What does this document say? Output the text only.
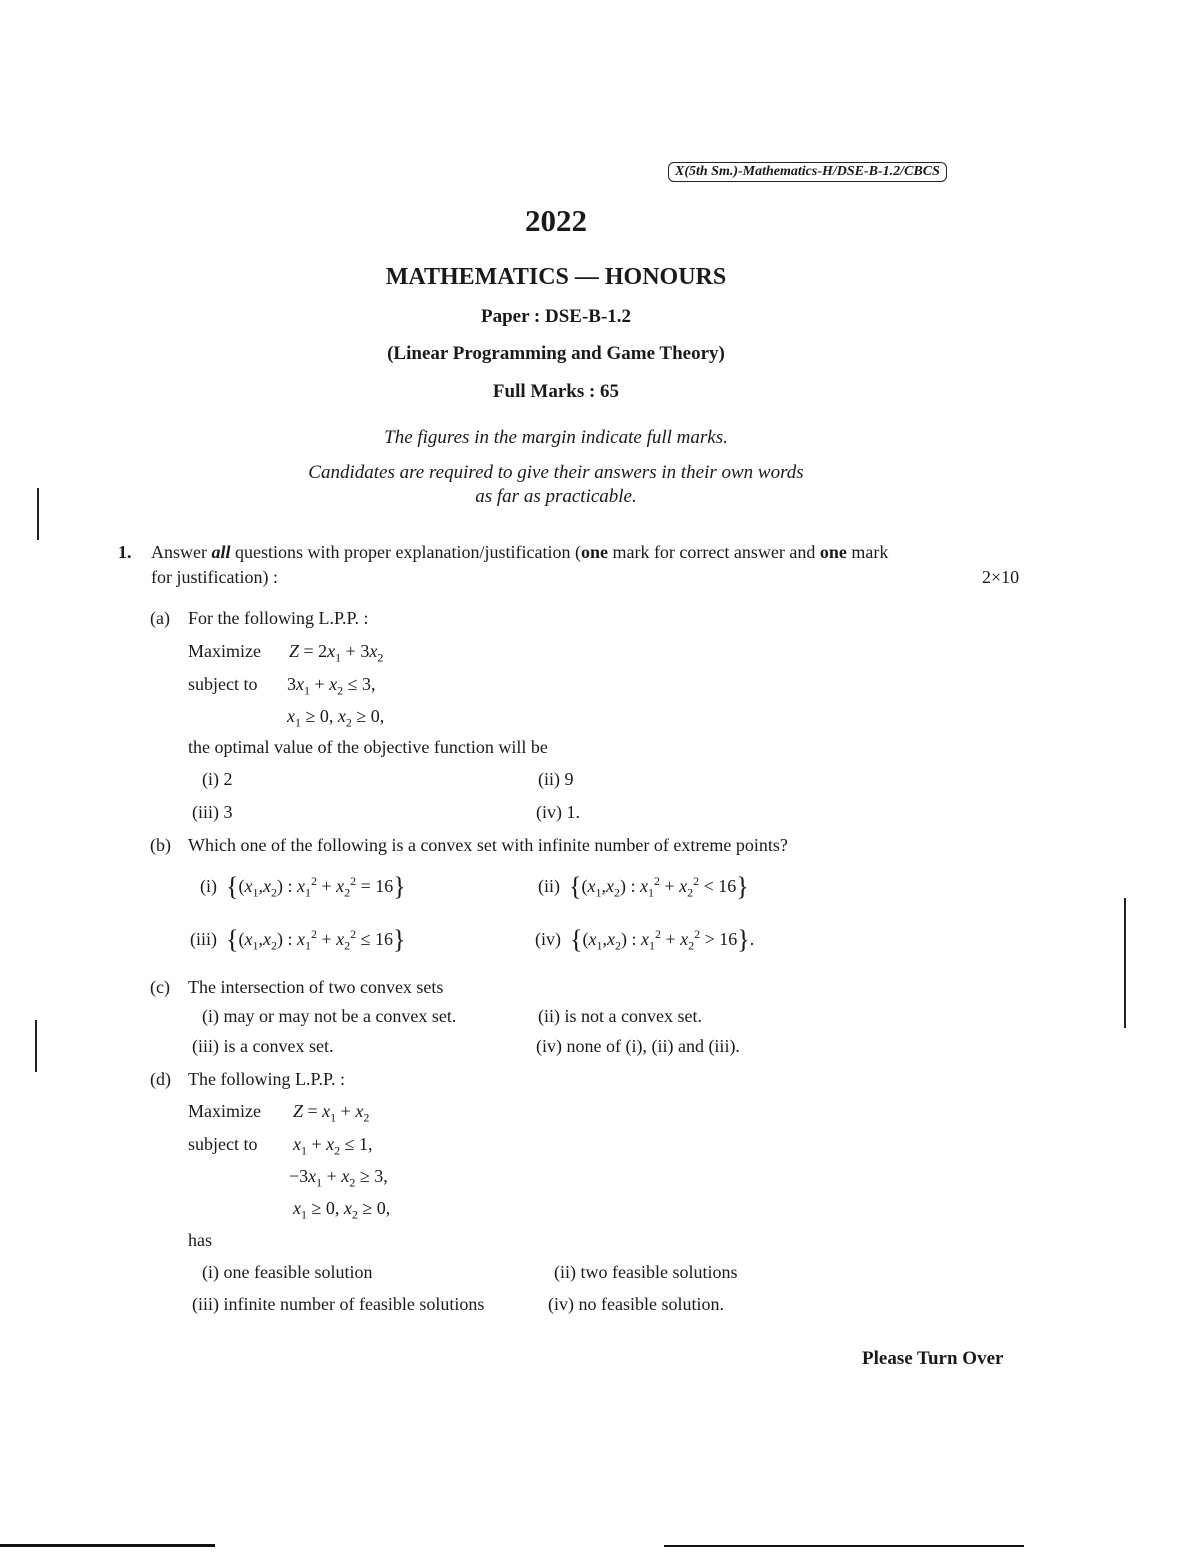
X(5th Sm.)-Mathematics-H/DSE-B-1.2/CBCS
2022
MATHEMATICS — HONOURS
Paper : DSE-B-1.2
(Linear Programming and Game Theory)
Full Marks : 65
The figures in the margin indicate full marks.
Candidates are required to give their answers in their own words
as far as practicable.
1. Answer all questions with proper explanation/justification (one mark for correct answer and one mark
for justification) :	2×10
(a) For the following L.P.P. :
Maximize $Z = 2x_1 + 3x_2$
subject to $3x_1 + x_2 \le 3$,
$x_1 \ge 0$, $x_2 \ge 0$,
the optimal value of the objective function will be
(i) 2	(ii) 9
(iii) 3	(iv) 1.
(b) Which one of the following is a convex set with infinite number of extreme points?
(i) {$(x_1,x_2)$ : $x_1^2 + x_2^2 = 16$}	(ii) {$(x_1,x_2)$ : $x_1^2 + x_2^2 < 16$}
(iii) {$(x_1,x_2)$ : $x_1^2 + x_2^2 \le 16$}	(iv) {$(x_1,x_2)$ : $x_1^2 + x_2^2 > 16$}.
(c) The intersection of two convex sets
(i) may or may not be a convex set.	(ii) is not a convex set.
(iii) is a convex set.	(iv) none of (i), (ii) and (iii).
(d) The following L.P.P. :
Maximize $Z = x_1 + x_2$
subject to $x_1 + x_2 \le 1$,
$-3x_1 + x_2 \ge 3$,
$x_1 \ge 0$, $x_2 \ge 0$,
has
(i) one feasible solution	(ii) two feasible solutions
(iii) infinite number of feasible solutions	(iv) no feasible solution.
Please Turn Over
